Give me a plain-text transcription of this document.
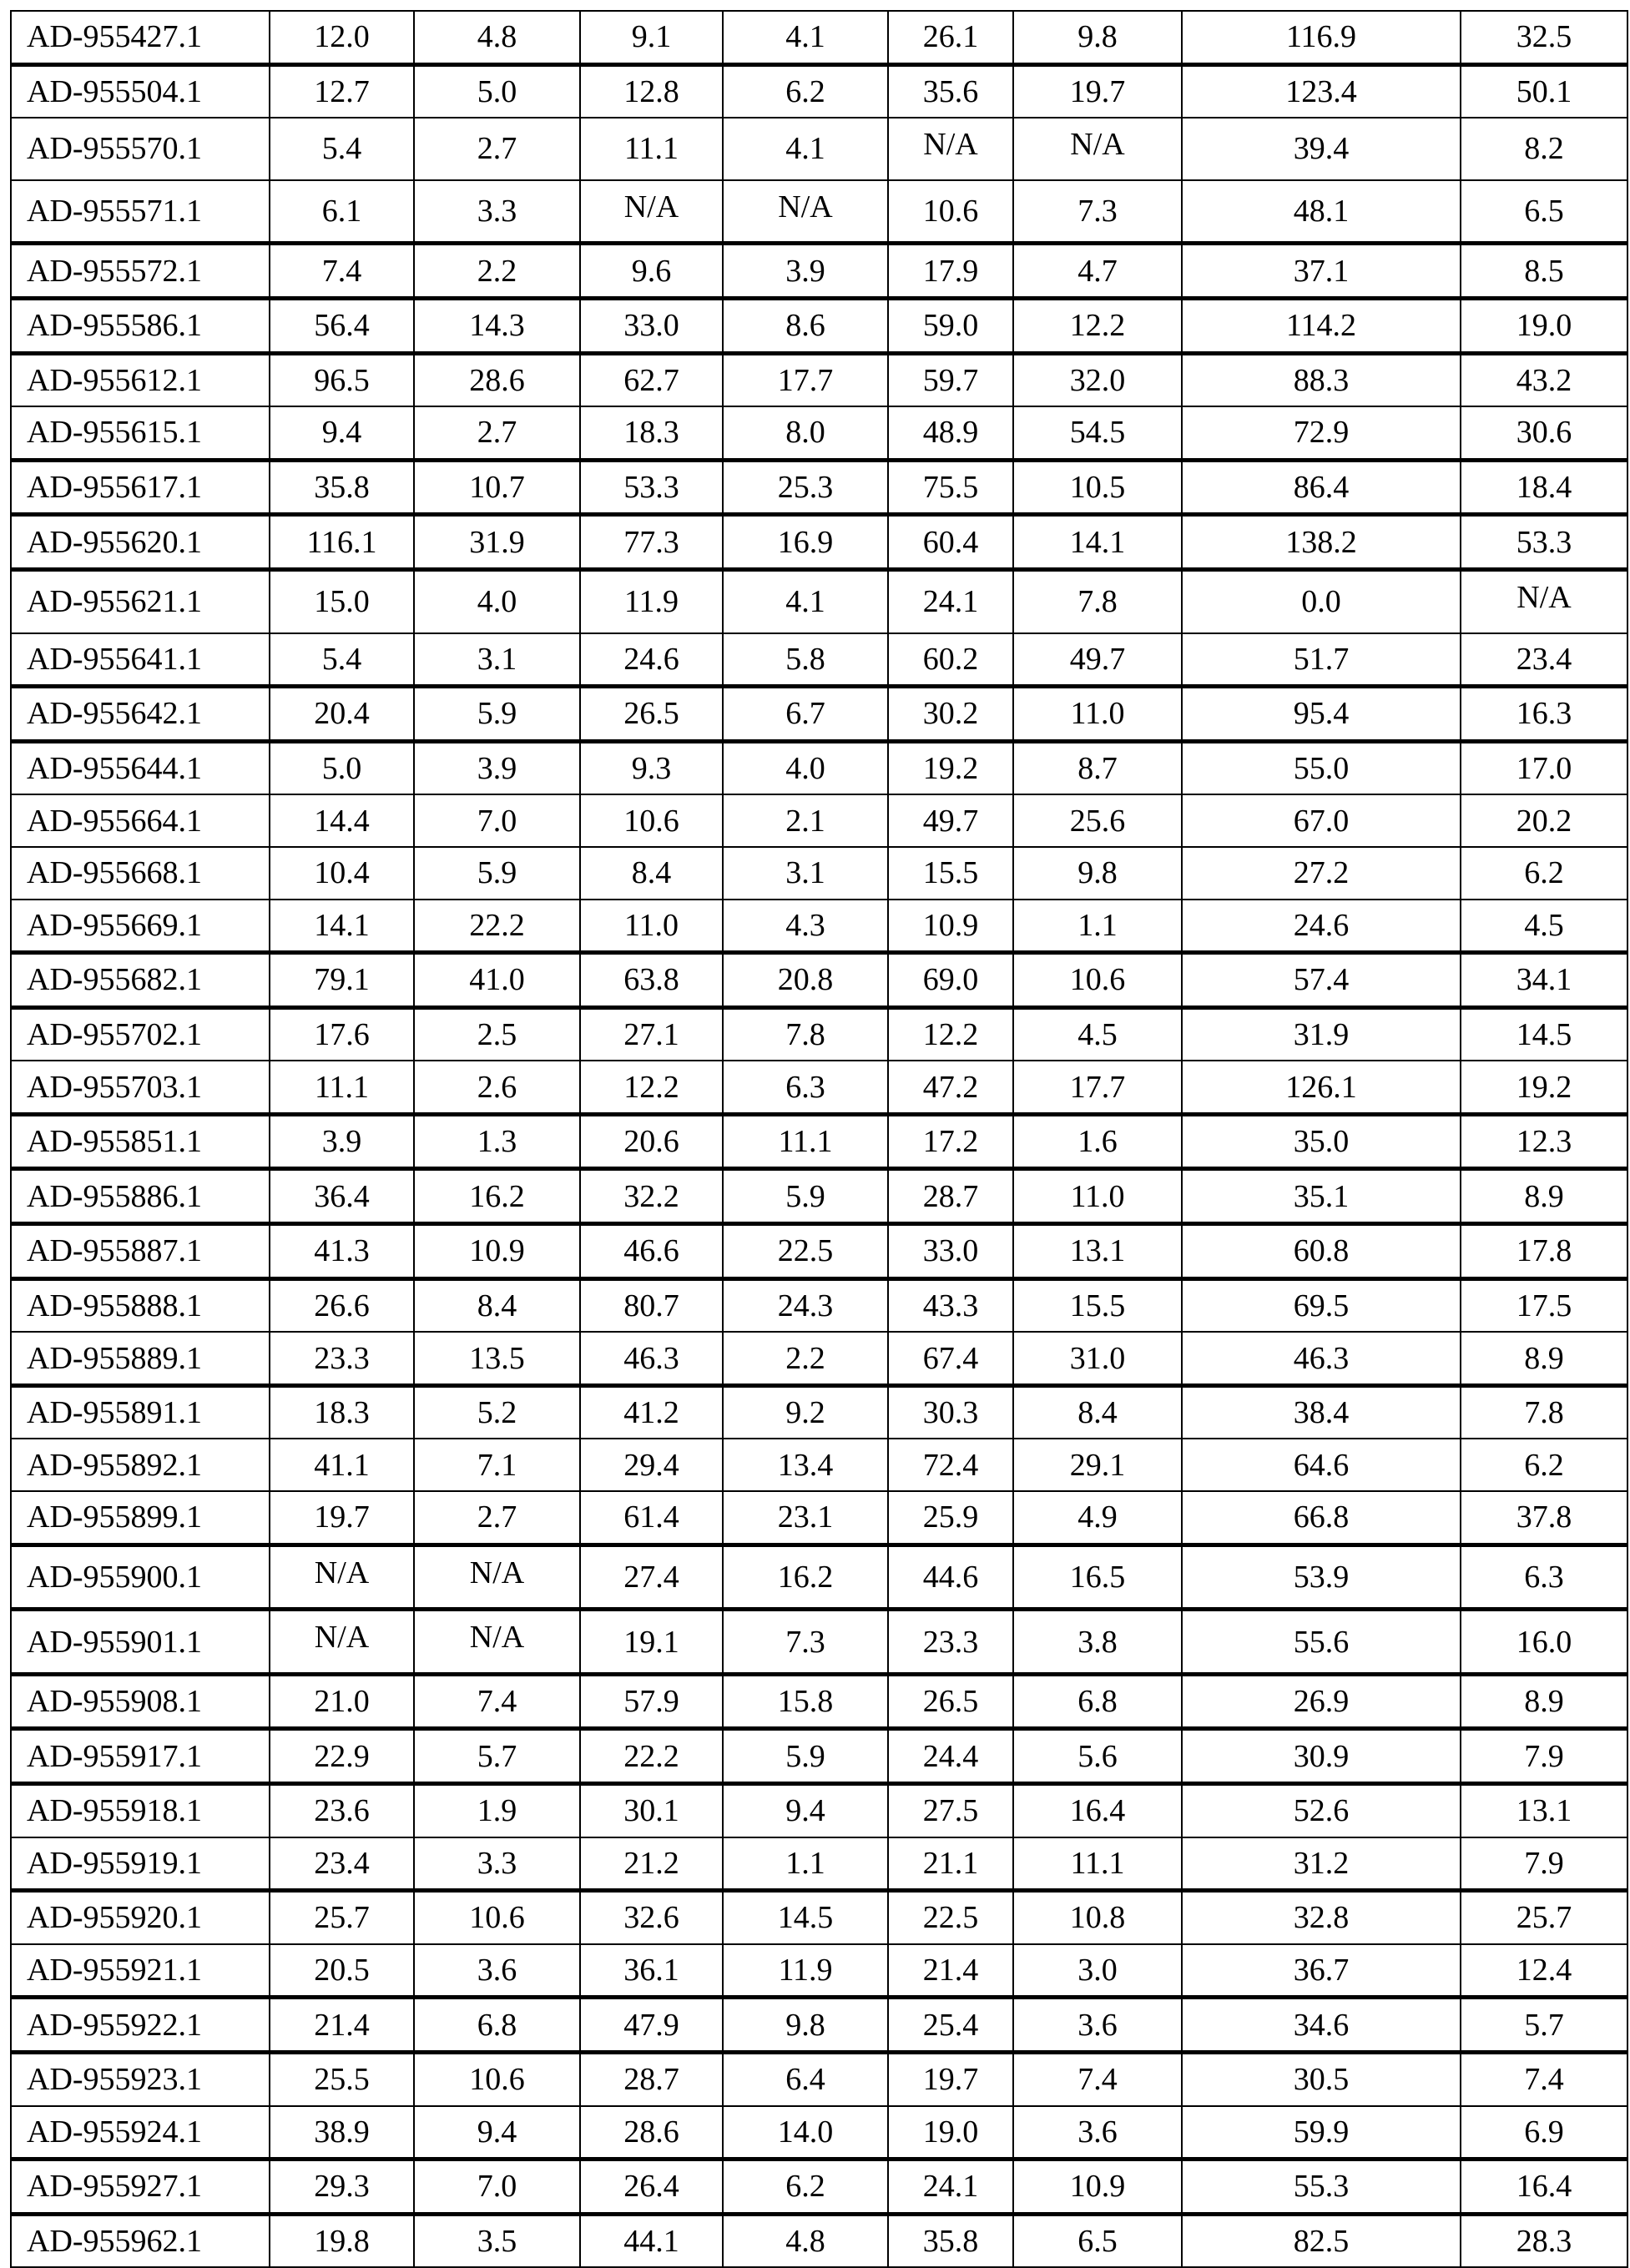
AD-955427.1	12.0	4.8	9.1	4.1	26.1	9.8	116.9	32.5
AD-955504.1	12.7	5.0	12.8	6.2	35.6	19.7	123.4	50.1
AD-955570.1	5.4	2.7	11.1	4.1	N/A	N/A	39.4	8.2
AD-955571.1	6.1	3.3	N/A	N/A	10.6	7.3	48.1	6.5
AD-955572.1	7.4	2.2	9.6	3.9	17.9	4.7	37.1	8.5
AD-955586.1	56.4	14.3	33.0	8.6	59.0	12.2	114.2	19.0
AD-955612.1	96.5	28.6	62.7	17.7	59.7	32.0	88.3	43.2
AD-955615.1	9.4	2.7	18.3	8.0	48.9	54.5	72.9	30.6
AD-955617.1	35.8	10.7	53.3	25.3	75.5	10.5	86.4	18.4
AD-955620.1	116.1	31.9	77.3	16.9	60.4	14.1	138.2	53.3
AD-955621.1	15.0	4.0	11.9	4.1	24.1	7.8	0.0	N/A
AD-955641.1	5.4	3.1	24.6	5.8	60.2	49.7	51.7	23.4
AD-955642.1	20.4	5.9	26.5	6.7	30.2	11.0	95.4	16.3
AD-955644.1	5.0	3.9	9.3	4.0	19.2	8.7	55.0	17.0
AD-955664.1	14.4	7.0	10.6	2.1	49.7	25.6	67.0	20.2
AD-955668.1	10.4	5.9	8.4	3.1	15.5	9.8	27.2	6.2
AD-955669.1	14.1	22.2	11.0	4.3	10.9	1.1	24.6	4.5
AD-955682.1	79.1	41.0	63.8	20.8	69.0	10.6	57.4	34.1
AD-955702.1	17.6	2.5	27.1	7.8	12.2	4.5	31.9	14.5
AD-955703.1	11.1	2.6	12.2	6.3	47.2	17.7	126.1	19.2
AD-955851.1	3.9	1.3	20.6	11.1	17.2	1.6	35.0	12.3
AD-955886.1	36.4	16.2	32.2	5.9	28.7	11.0	35.1	8.9
AD-955887.1	41.3	10.9	46.6	22.5	33.0	13.1	60.8	17.8
AD-955888.1	26.6	8.4	80.7	24.3	43.3	15.5	69.5	17.5
AD-955889.1	23.3	13.5	46.3	2.2	67.4	31.0	46.3	8.9
AD-955891.1	18.3	5.2	41.2	9.2	30.3	8.4	38.4	7.8
AD-955892.1	41.1	7.1	29.4	13.4	72.4	29.1	64.6	6.2
AD-955899.1	19.7	2.7	61.4	23.1	25.9	4.9	66.8	37.8
AD-955900.1	N/A	N/A	27.4	16.2	44.6	16.5	53.9	6.3
AD-955901.1	N/A	N/A	19.1	7.3	23.3	3.8	55.6	16.0
AD-955908.1	21.0	7.4	57.9	15.8	26.5	6.8	26.9	8.9
AD-955917.1	22.9	5.7	22.2	5.9	24.4	5.6	30.9	7.9
AD-955918.1	23.6	1.9	30.1	9.4	27.5	16.4	52.6	13.1
AD-955919.1	23.4	3.3	21.2	1.1	21.1	11.1	31.2	7.9
AD-955920.1	25.7	10.6	32.6	14.5	22.5	10.8	32.8	25.7
AD-955921.1	20.5	3.6	36.1	11.9	21.4	3.0	36.7	12.4
AD-955922.1	21.4	6.8	47.9	9.8	25.4	3.6	34.6	5.7
AD-955923.1	25.5	10.6	28.7	6.4	19.7	7.4	30.5	7.4
AD-955924.1	38.9	9.4	28.6	14.0	19.0	3.6	59.9	6.9
AD-955927.1	29.3	7.0	26.4	6.2	24.1	10.9	55.3	16.4
AD-955962.1	19.8	3.5	44.1	4.8	35.8	6.5	82.5	28.3
